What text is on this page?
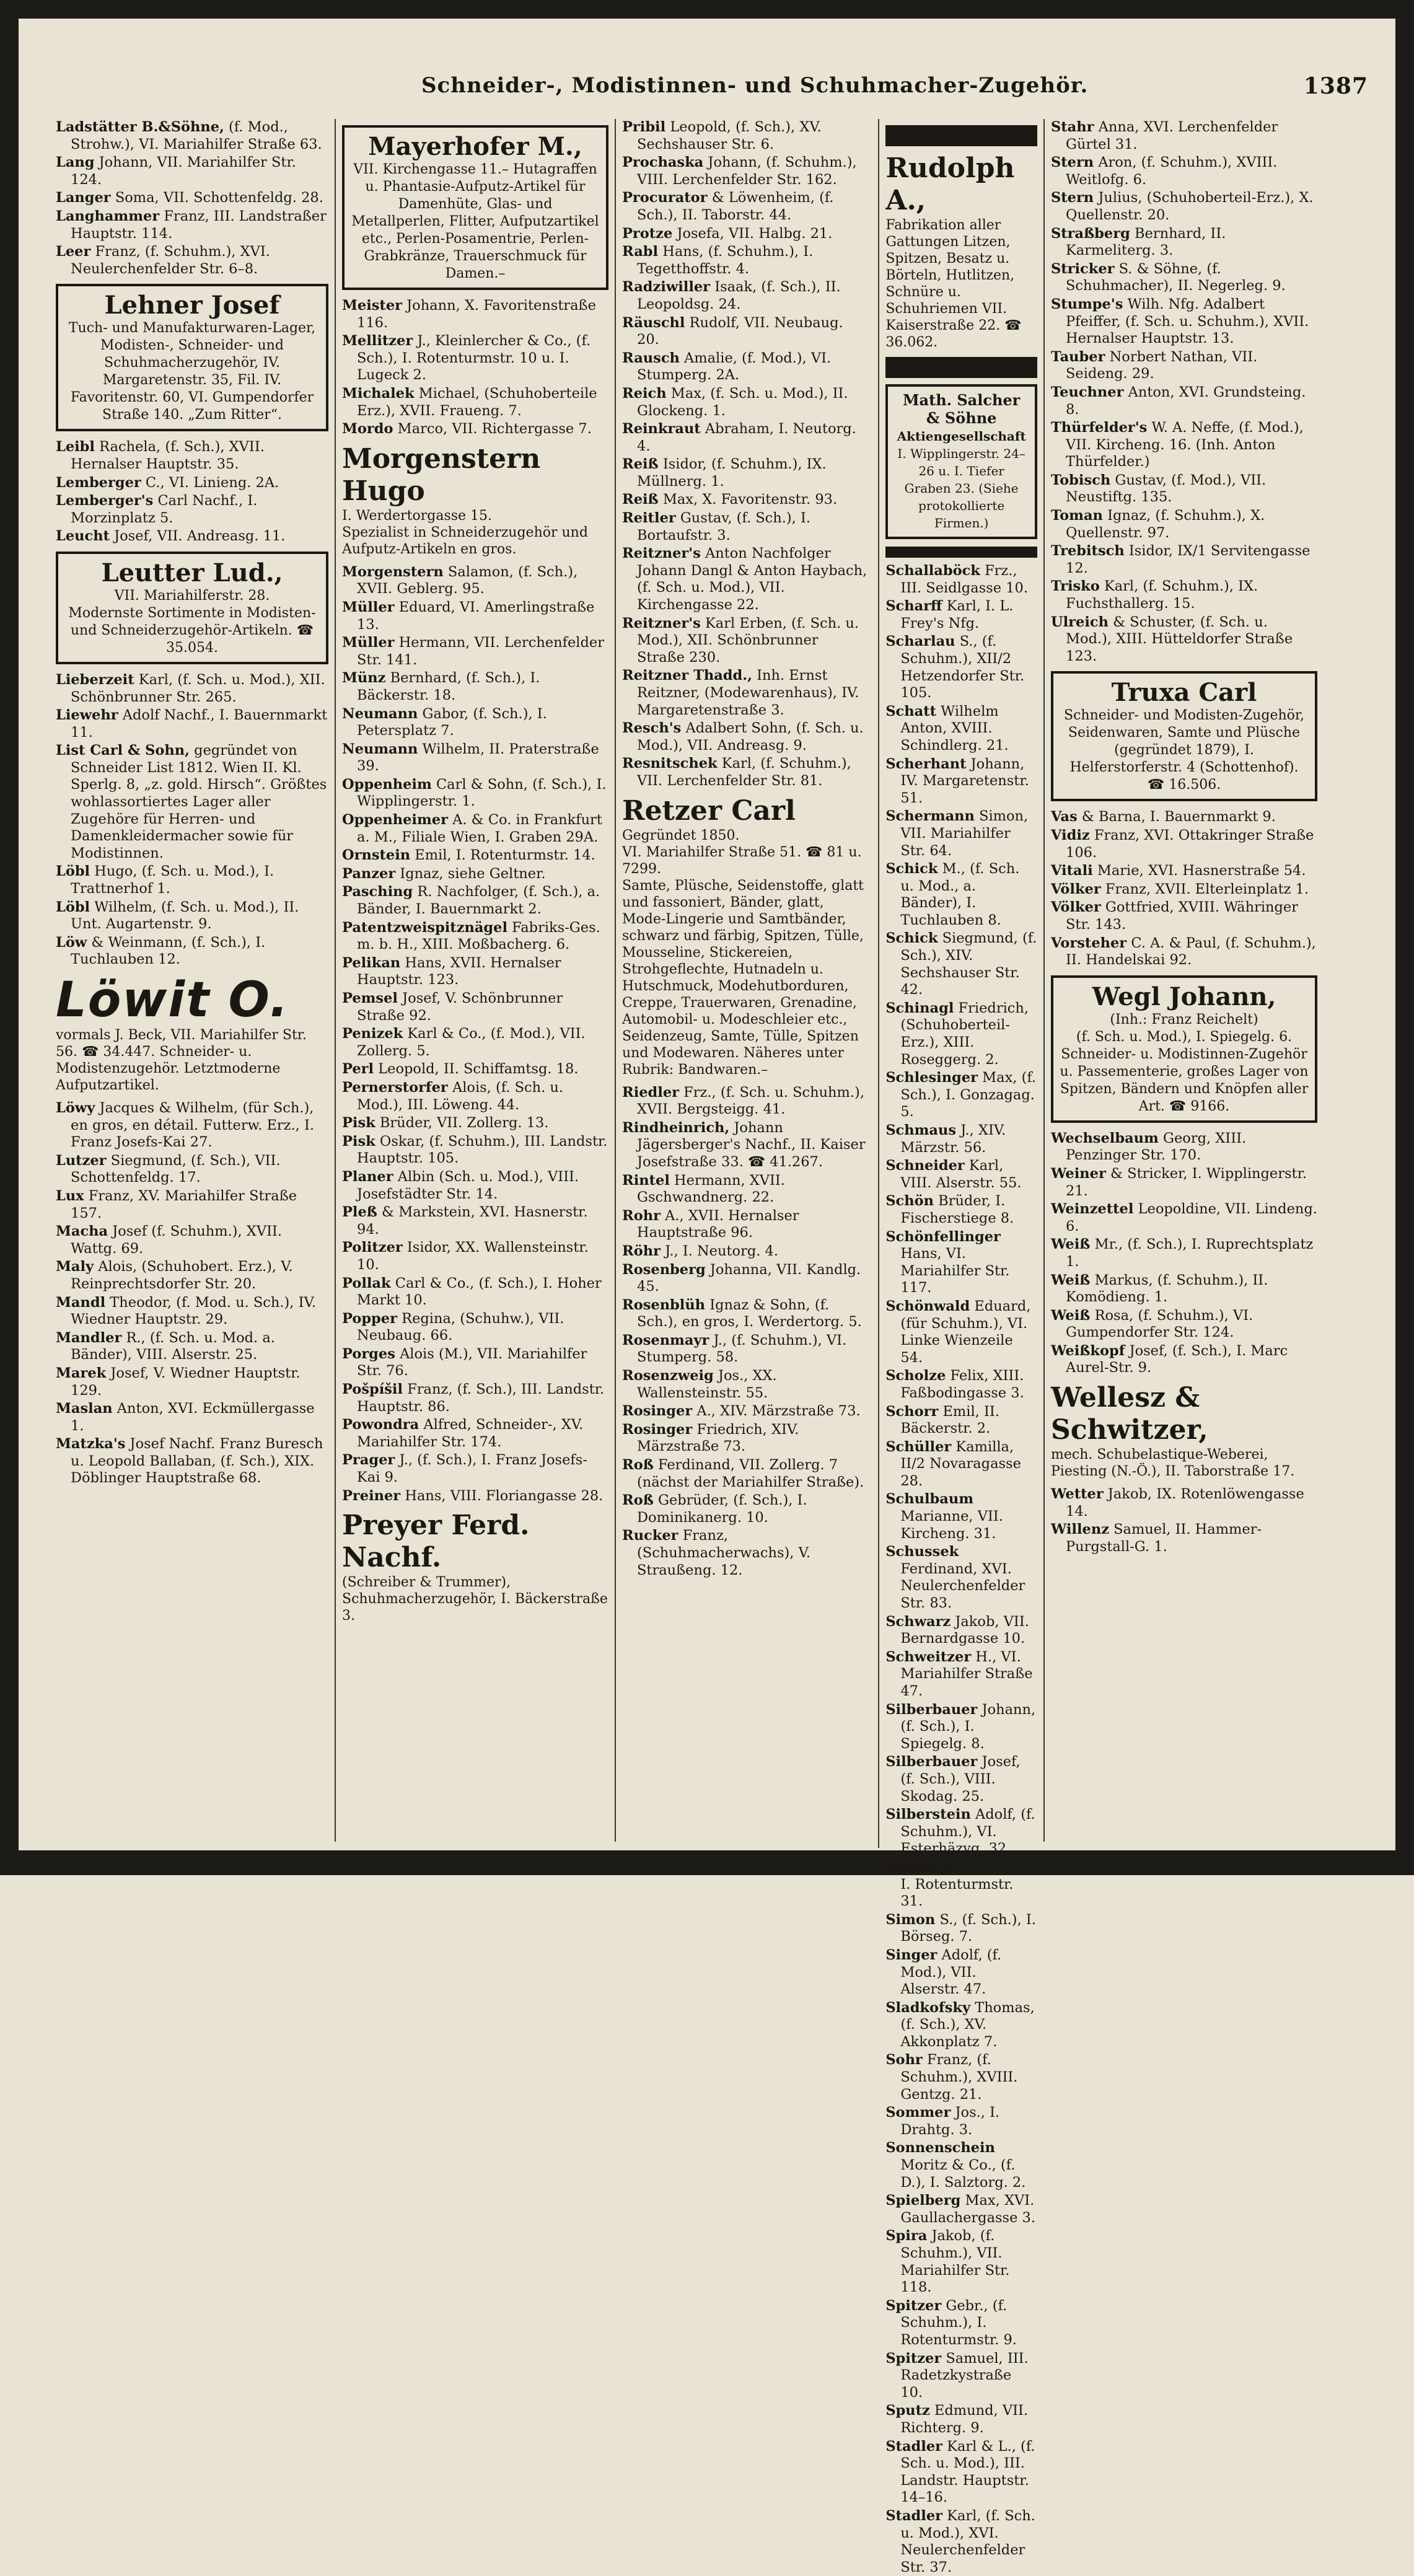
Schneider-, Modistinnen- und Schuhmacher-Zugehör.	1387
Ladstätter B.&Söhne, (f. Mod., Strohw.), VI. Mariahilfer Straße 63.
Lang Johann, VII. Mariahilfer Str. 124.
Langer Soma, VII. Schottenfeldg. 28.
Langhammer Franz, III. Landstraßer Hauptstr. 114.
Leer Franz, (f. Schuhm.), XVI. Neulerchenfelder Str. 6–8.
Lehner Josef
Tuch- und Manufakturwaren-Lager, Modisten-, Schneider- und Schuhmacherzugehör, IV. Margaretenstr. 35, Fil. IV. Favoritenstr. 60, VI. Gumpendorfer Straße 140. „Zum Ritter“.
Leibl Rachela, (f. Sch.), XVII. Hernalser Hauptstr. 35.
Lemberger C., VI. Linieng. 2A.
Lemberger's Carl Nachf., I. Morzinplatz 5.
Leucht Josef, VII. Andreasg. 11.
Leutter Lud.,
VII. Mariahilferstr. 28.
Modernste Sortimente in Modisten- und Schneiderzugehör-Artikeln. ☎ 35.054.
Lieberzeit Karl, (f. Sch. u. Mod.), XII. Schönbrunner Str. 265.
Liewehr Adolf Nachf., I. Bauernmarkt 11.
List Carl & Sohn, gegründet von Schneider List 1812. Wien II. Kl. Sperlg. 8, „z. gold. Hirsch“. Größtes wohlassortiertes Lager aller Zugehöre für Herren- und Damenkleidermacher sowie für Modistinnen.
Löbl Hugo, (f. Sch. u. Mod.), I. Trattnerhof 1.
Löbl Wilhelm, (f. Sch. u. Mod.), II. Unt. Augartenstr. 9.
Löw & Weinmann, (f. Sch.), I. Tuchlauben 12.
Löwit O.
vormals J. Beck, VII. Mariahilfer Str. 56. ☎ 34.447. Schneider- u. Modistenzugehör. Letztmoderne Aufputzartikel.
Löwy Jacques & Wilhelm, (für Sch.), en gros, en détail. Futterw. Erz., I. Franz Josefs-Kai 27.
Lutzer Siegmund, (f. Sch.), VII. Schottenfeldg. 17.
Lux Franz, XV. Mariahilfer Straße 157.
Macha Josef (f. Schuhm.), XVII. Wattg. 69.
Maly Alois, (Schuhobert. Erz.), V. Reinprechtsdorfer Str. 20.
Mandl Theodor, (f. Mod. u. Sch.), IV. Wiedner Hauptstr. 29.
Mandler R., (f. Sch. u. Mod. a. Bänder), VIII. Alserstr. 25.
Marek Josef, V. Wiedner Hauptstr. 129.
Maslan Anton, XVI. Eckmüllergasse 1.
Matzka's Josef Nachf. Franz Buresch u. Leopold Ballaban, (f. Sch.), XIX. Döblinger Hauptstraße 68.
Mayerhofer M.,
VII. Kirchengasse 11.– Hutagraffen u. Phantasie-Aufputz-Artikel für Damenhüte, Glas- und Metallperlen, Flitter, Aufputzartikel etc., Perlen-Posamentrie, Perlen-Grabkränze, Trauerschmuck für Damen.–
Meister Johann, X. Favoritenstraße 116.
Mellitzer J., Kleinlercher & Co., (f. Sch.), I. Rotenturmstr. 10 u. I. Lugeck 2.
Michalek Michael, (Schuhoberteile Erz.), XVII. Fraueng. 7.
Mordo Marco, VII. Richtergasse 7.
Morgenstern Hugo
I. Werdertorgasse 15.
Spezialist in Schneiderzugehör und Aufputz-Artikeln en gros.
Morgenstern Salamon, (f. Sch.), XVII. Geblerg. 95.
Müller Eduard, VI. Amerlingstraße 13.
Müller Hermann, VII. Lerchenfelder Str. 141.
Münz Bernhard, (f. Sch.), I. Bäckerstr. 18.
Neumann Gabor, (f. Sch.), I. Petersplatz 7.
Neumann Wilhelm, II. Praterstraße 39.
Oppenheim Carl & Sohn, (f. Sch.), I. Wipplingerstr. 1.
Oppenheimer A. & Co. in Frankfurt a. M., Filiale Wien, I. Graben 29A.
Ornstein Emil, I. Rotenturmstr. 14.
Panzer Ignaz, siehe Geltner.
Pasching R. Nachfolger, (f. Sch.), a. Bänder, I. Bauernmarkt 2.
Patentzweispitznägel Fabriks-Ges. m. b. H., XIII. Moßbacherg. 6.
Pelikan Hans, XVII. Hernalser Hauptstr. 123.
Pemsel Josef, V. Schönbrunner Straße 92.
Penizek Karl & Co., (f. Mod.), VII. Zollerg. 5.
Perl Leopold, II. Schiffamtsg. 18.
Pernerstorfer Alois, (f. Sch. u. Mod.), III. Löweng. 44.
Pisk Brüder, VII. Zollerg. 13.
Pisk Oskar, (f. Schuhm.), III. Landstr. Hauptstr. 105.
Planer Albin (Sch. u. Mod.), VIII. Josefstädter Str. 14.
Pleß & Markstein, XVI. Hasnerstr. 94.
Politzer Isidor, XX. Wallensteinstr. 10.
Pollak Carl & Co., (f. Sch.), I. Hoher Markt 10.
Popper Regina, (Schuhw.), VII. Neubaug. 66.
Porges Alois (M.), VII. Mariahilfer Str. 76.
Pošpíšil Franz, (f. Sch.), III. Landstr. Hauptstr. 86.
Powondra Alfred, Schneider-, XV. Mariahilfer Str. 174.
Prager J., (f. Sch.), I. Franz Josefs-Kai 9.
Preiner Hans, VIII. Floriangasse 28.
Preyer Ferd. Nachf.
(Schreiber & Trummer), Schuhmacherzugehör, I. Bäckerstraße 3.
Pribil Leopold, (f. Sch.), XV. Sechshauser Str. 6.
Prochaska Johann, (f. Schuhm.), VIII. Lerchenfelder Str. 162.
Procurator & Löwenheim, (f. Sch.), II. Taborstr. 44.
Protze Josefa, VII. Halbg. 21.
Rabl Hans, (f. Schuhm.), I. Tegetthoffstr. 4.
Radziwiller Isaak, (f. Sch.), II. Leopoldsg. 24.
Räuschl Rudolf, VII. Neubaug. 20.
Rausch Amalie, (f. Mod.), VI. Stumperg. 2A.
Reich Max, (f. Sch. u. Mod.), II. Glockeng. 1.
Reinkraut Abraham, I. Neutorg. 4.
Reiß Isidor, (f. Schuhm.), IX. Müllnerg. 1.
Reiß Max, X. Favoritenstr. 93.
Reitler Gustav, (f. Sch.), I. Bortaufstr. 3.
Reitzner's Anton Nachfolger Johann Dangl & Anton Haybach, (f. Sch. u. Mod.), VII. Kirchengasse 22.
Reitzner's Karl Erben, (f. Sch. u. Mod.), XII. Schönbrunner Straße 230.
Reitzner Thadd., Inh. Ernst Reitzner, (Modewarenhaus), IV. Margaretenstraße 3.
Resch's Adalbert Sohn, (f. Sch. u. Mod.), VII. Andreasg. 9.
Resnitschek Karl, (f. Schuhm.), VII. Lerchenfelder Str. 81.
Retzer Carl
Gegründet 1850.
VI. Mariahilfer Straße 51. ☎ 81 u. 7299.
Samte, Plüsche, Seidenstoffe, glatt und fassoniert, Bänder, glatt, Mode-Lingerie und Samtbänder, schwarz und färbig, Spitzen, Tülle, Mousseline, Stickereien, Strohgeflechte, Hutnadeln u. Hutschmuck, Modehutborduren, Creppe, Trauerwaren, Grenadine, Automobil- u. Modeschleier etc., Seidenzeug, Samte, Tülle, Spitzen und Modewaren. Näheres unter Rubrik: Bandwaren.–
Riedler Frz., (f. Sch. u. Schuhm.), XVII. Bergsteigg. 41.
Rindheinrich, Johann Jägersberger's Nachf., II. Kaiser Josefstraße 33. ☎ 41.267.
Rintel Hermann, XVII. Gschwandnerg. 22.
Rohr A., XVII. Hernalser Hauptstraße 96.
Röhr J., I. Neutorg. 4.
Rosenberg Johanna, VII. Kandlg. 45.
Rosenblüh Ignaz & Sohn, (f. Sch.), en gros, I. Werdertorg. 5.
Rosenmayr J., (f. Schuhm.), VI. Stumperg. 58.
Rosenzweig Jos., XX. Wallensteinstr. 55.
Rosinger A., XIV. Märzstraße 73.
Rosinger Friedrich, XIV. Märzstraße 73.
Roß Ferdinand, VII. Zollerg. 7 (nächst der Mariahilfer Straße).
Roß Gebrüder, (f. Sch.), I. Dominikanerg. 10.
Rucker Franz, (Schuhmacherwachs), V. Straußeng. 12.
Rudolph A.,
Fabrikation aller Gattungen Litzen, Spitzen, Besatz u. Börteln, Hutlitzen, Schnüre u. Schuhriemen VII. Kaiserstraße 22. ☎ 36.062.
Math. Salcher & Söhne
Aktiengesellschaft
I. Wipplingerstr. 24–26 u. I. Tiefer Graben 23. (Siehe protokollierte Firmen.)
Schallaböck Frz., III. Seidlgasse 10.
Scharff Karl, I. L. Frey's Nfg.
Scharlau S., (f. Schuhm.), XII/2 Hetzendorfer Str. 105.
Schatt Wilhelm Anton, XVIII. Schindlerg. 21.
Scherhant Johann, IV. Margaretenstr. 51.
Schermann Simon, VII. Mariahilfer Str. 64.
Schick M., (f. Sch. u. Mod., a. Bänder), I. Tuchlauben 8.
Schick Siegmund, (f. Sch.), XIV. Sechshauser Str. 42.
Schinagl Friedrich, (Schuhoberteil-Erz.), XIII. Roseggerg. 2.
Schlesinger Max, (f. Sch.), I. Gonzagag. 5.
Schmaus J., XIV. Märzstr. 56.
Schneider Karl, VIII. Alserstr. 55.
Schön Brüder, I. Fischerstiege 8.
Schönfellinger Hans, VI. Mariahilfer Str. 117.
Schönwald Eduard, (für Schuhm.), VI. Linke Wienzeile 54.
Scholze Felix, XIII. Faßbodingasse 3.
Schorr Emil, II. Bäckerstr. 2.
Schüller Kamilla, II/2 Novaragasse 28.
Schulbaum Marianne, VII. Kircheng. 31.
Schussek Ferdinand, XVI. Neulerchenfelder Str. 83.
Schwarz Jakob, VII. Bernardgasse 10.
Schweitzer H., VI. Mariahilfer Straße 47.
Silberbauer Johann, (f. Sch.), I. Spiegelg. 8.
Silberbauer Josef, (f. Sch.), VIII. Skodag. 25.
Silberstein Adolf, (f. Schuhm.), VI. Esterhäzyg. 32.
Simon M., (f. Sch.), I. Rotenturmstr. 31.
Simon S., (f. Sch.), I. Börseg. 7.
Singer Adolf, (f. Mod.), VII. Alserstr. 47.
Sladkofsky Thomas, (f. Sch.), XV. Akkonplatz 7.
Sohr Franz, (f. Schuhm.), XVIII. Gentzg. 21.
Sommer Jos., I. Drahtg. 3.
Sonnenschein Moritz & Co., (f. D.), I. Salztorg. 2.
Spielberg Max, XVI. Gaullachergasse 3.
Spira Jakob, (f. Schuhm.), VII. Mariahilfer Str. 118.
Spitzer Gebr., (f. Schuhm.), I. Rotenturmstr. 9.
Spitzer Samuel, III. Radetzkystraße 10.
Sputz Edmund, VII. Richterg. 9.
Stadler Karl & L., (f. Sch. u. Mod.), III. Landstr. Hauptstr. 14–16.
Stadler Karl, (f. Sch. u. Mod.), XVI. Neulerchenfelder Str. 37.
Stahr Anna, XVI. Lerchenfelder Gürtel 31.
Stern Aron, (f. Schuhm.), XVIII. Weitlofg. 6.
Stern Julius, (Schuhoberteil-Erz.), X. Quellenstr. 20.
Straßberg Bernhard, II. Karmeliterg. 3.
Stricker S. & Söhne, (f. Schuhmacher), II. Negerleg. 9.
Stumpe's Wilh. Nfg. Adalbert Pfeiffer, (f. Sch. u. Schuhm.), XVII. Hernalser Hauptstr. 13.
Tauber Norbert Nathan, VII. Seideng. 29.
Teuchner Anton, XVI. Grundsteing. 8.
Thürfelder's W. A. Neffe, (f. Mod.), VII. Kircheng. 16. (Inh. Anton Thürfelder.)
Tobisch Gustav, (f. Mod.), VII. Neustiftg. 135.
Toman Ignaz, (f. Schuhm.), X. Quellenstr. 97.
Trebitsch Isidor, IX/1 Servitengasse 12.
Trisko Karl, (f. Schuhm.), IX. Fuchsthallerg. 15.
Ulreich & Schuster, (f. Sch. u. Mod.), XIII. Hütteldorfer Straße 123.
Truxa Carl
Schneider- und Modisten-Zugehör, Seidenwaren, Samte und Plüsche (gegründet 1879), I. Helferstorferstr. 4 (Schottenhof). ☎ 16.506.
Vas & Barna, I. Bauernmarkt 9.
Vidiz Franz, XVI. Ottakringer Straße 106.
Vitali Marie, XVI. Hasnerstraße 54.
Völker Franz, XVII. Elterleinplatz 1.
Völker Gottfried, XVIII. Währinger Str. 143.
Vorsteher C. A. & Paul, (f. Schuhm.), II. Handelskai 92.
Wegl Johann,
(Inh.: Franz Reichelt)
(f. Sch. u. Mod.), I. Spiegelg. 6. Schneider- u. Modistinnen-Zugehör u. Passementerie, großes Lager von Spitzen, Bändern und Knöpfen aller Art. ☎ 9166.
Wechselbaum Georg, XIII. Penzinger Str. 170.
Weiner & Stricker, I. Wipplingerstr. 21.
Weinzettel Leopoldine, VII. Lindeng. 6.
Weiß Mr., (f. Sch.), I. Ruprechtsplatz 1.
Weiß Markus, (f. Schuhm.), II. Komödieng. 1.
Weiß Rosa, (f. Schuhm.), VI. Gumpendorfer Str. 124.
Weißkopf Josef, (f. Sch.), I. Marc Aurel-Str. 9.
Wellesz & Schwitzer,
mech. Schubelastique-Weberei, Piesting (N.-Ö.), II. Taborstraße 17.
Wetter Jakob, IX. Rotenlöwengasse 14.
Willenz Samuel, II. Hammer-Purgstall-G. 1.
